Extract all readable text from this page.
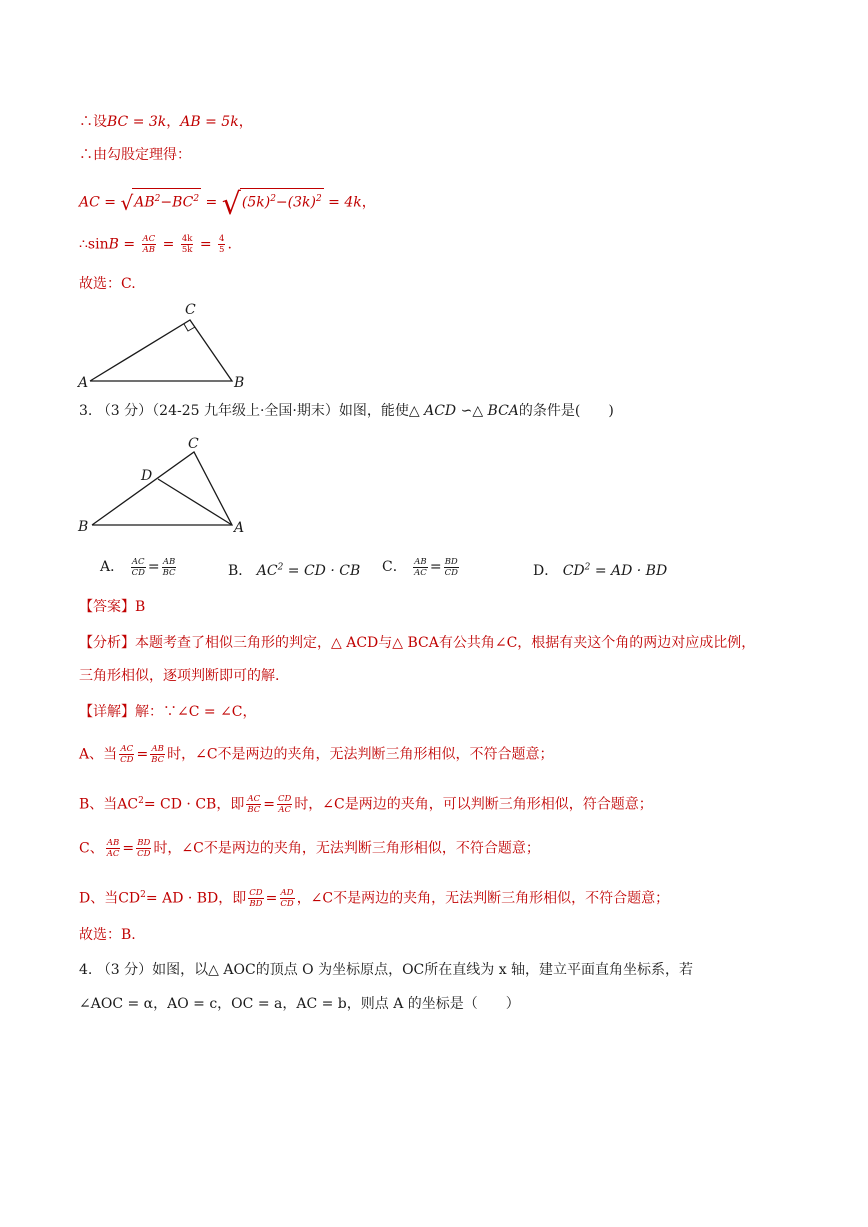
∴设BC = 3k，AB = 5k，
∴由勾股定理得：
AC = $√AB^2-BC^2 = √(5k)^2-(3k)^2 = 4k$，
∴sinB = $\frac{AC}{AB} = \frac{4k}{5k} = \frac{4}{5}$ .
故选：C.
C
A	B
3. （3 分）（24-25 九年级上·全国·期末）如图，能使△ ACD ∽△ BCA的条件是(　　)
C
D
B	A
A． $\frac{AC}{CD} = \frac{AB}{BC}$	B． $AC^2$ = CD · CB C． $\frac{AB}{AC} = \frac{BD}{CD}$	D． $CD^2$ = AD · BD
【答案】B
【分析】本题考查了相似三角形的判定，△ ACD与△ BCA有公共角∠C，根据有夹这个角的两边对应成比例，
三角形相似，逐项判断即可的解.
【详解】解：∵∠C = ∠C，
A、当 $\frac{AC}{CD} = \frac{AB}{BC}$ 时，∠C不是两边的夹角，无法判断三角形相似，不符合题意；
B、当$AC^2=$ CD · CB，即 $\frac{AC}{BC} = \frac{CD}{AC}$ 时，∠C是两边的夹角，可以判断三角形相似，符合题意；
C、 $\frac{AB}{AC} = \frac{BD}{CD}$ 时，∠C不是两边的夹角，无法判断三角形相似，不符合题意；
D、当$CD^2=$ AD · BD，即 $\frac{CD}{BD} = \frac{AD}{CD}$ ，∠C不是两边的夹角，无法判断三角形相似，不符合题意；
故选：B.
4. （3 分）如图，以△ AOC的顶点 O 为坐标原点，OC所在直线为 x 轴，建立平面直角坐标系，若
∠AOC = α，AO = c，OC = a，AC = b，则点 A 的坐标是（　　）
